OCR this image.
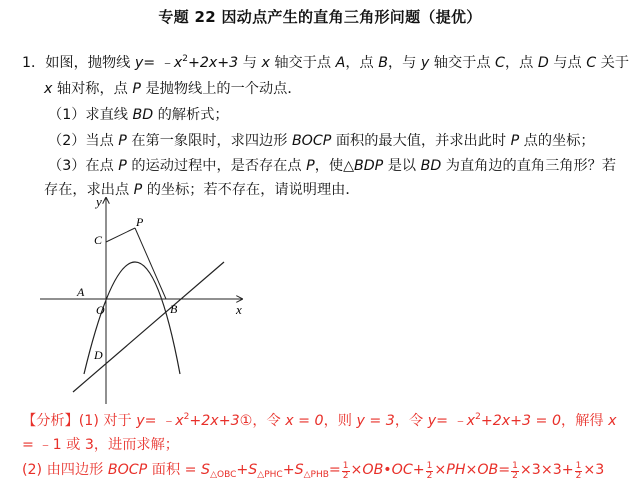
专题 22 因动点产生的直角三角形问题（提优）
1．如图，抛物线 $y= ﹣x^2+2x+3$ 与 x 轴交于点 A，点 B，与 y 轴交于点 C，点 D 与点 C 关于
x 轴对称，点 P 是抛物线上的一个动点．
（1）求直线 BD 的解析式；
（2）当点 P 在第一象限时，求四边形 BOCP 面积的最大值，并求出此时 P 点的坐标；
（3）在点 P 的运动过程中，是否存在点 P，使△BDP 是以 BD 为直角边的直角三角形？若
存在，求出点 P 的坐标；若不存在，请说明理由．
y
x
O
A
B
C
D
P
【分析】(1) 对于 $y= ﹣x^2+2x+3①$，令 x = 0，则 y = 3，令 $y= ﹣x^2+2x+3 = 0$，解得 x
= ﹣1 或 3，进而求解；
(2) 由四边形 BOCP 面积 = $S_{\triangle OBC}+S_{\triangle PHC}+S_{\triangle PHB}= \frac{1}{2}$ ×OB•OC+ $\frac{1}{2} \times PH\times OB= \frac{1}{2} \times 3\times 3+ \frac{1}{2} \times 3$
